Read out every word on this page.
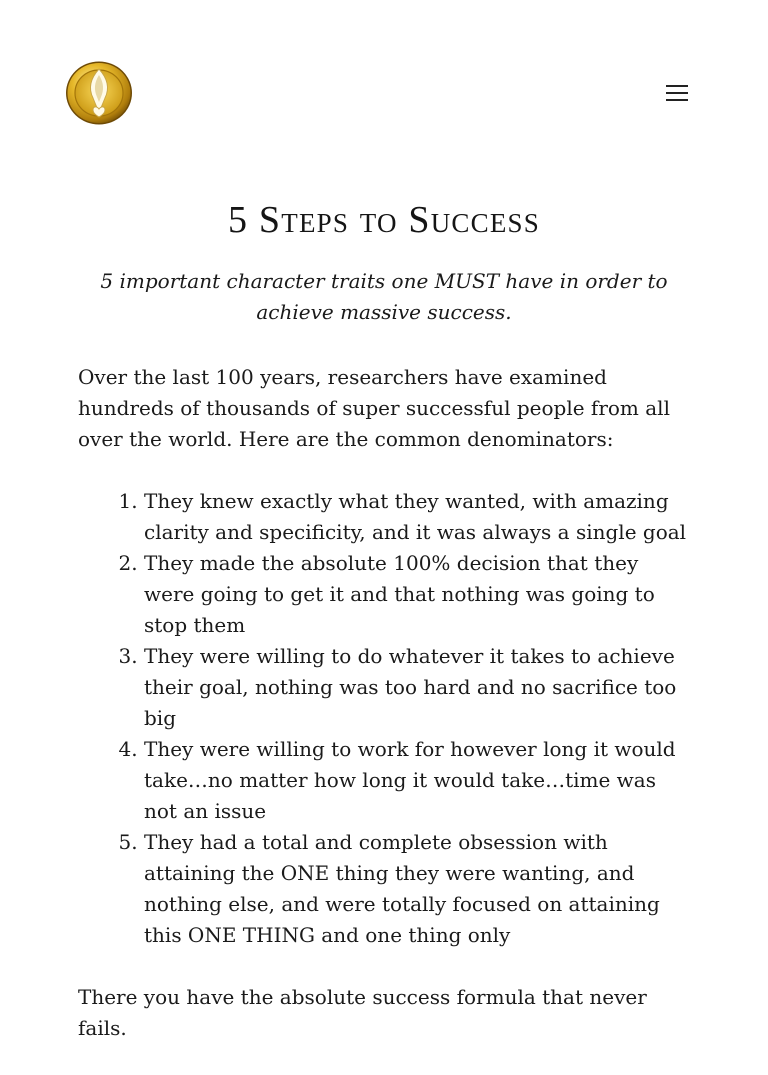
5 Steps to Success

5 important character traits one MUST have in order to achieve massive success.

Over the last 100 years, researchers have examined hundreds of thousands of super successful people from all over the world. Here are the common denominators:

1. They knew exactly what they wanted, with amazing clarity and specificity, and it was always a single goal
2. They made the absolute 100% decision that they were going to get it and that nothing was going to stop them
3. They were willing to do whatever it takes to achieve their goal, nothing was too hard and no sacrifice too big
4. They were willing to work for however long it would take…no matter how long it would take…time was not an issue
5. They had a total and complete obsession with attaining the ONE thing they were wanting, and nothing else, and were totally focused on attaining this ONE THING and one thing only

There you have the absolute success formula that never fails.
